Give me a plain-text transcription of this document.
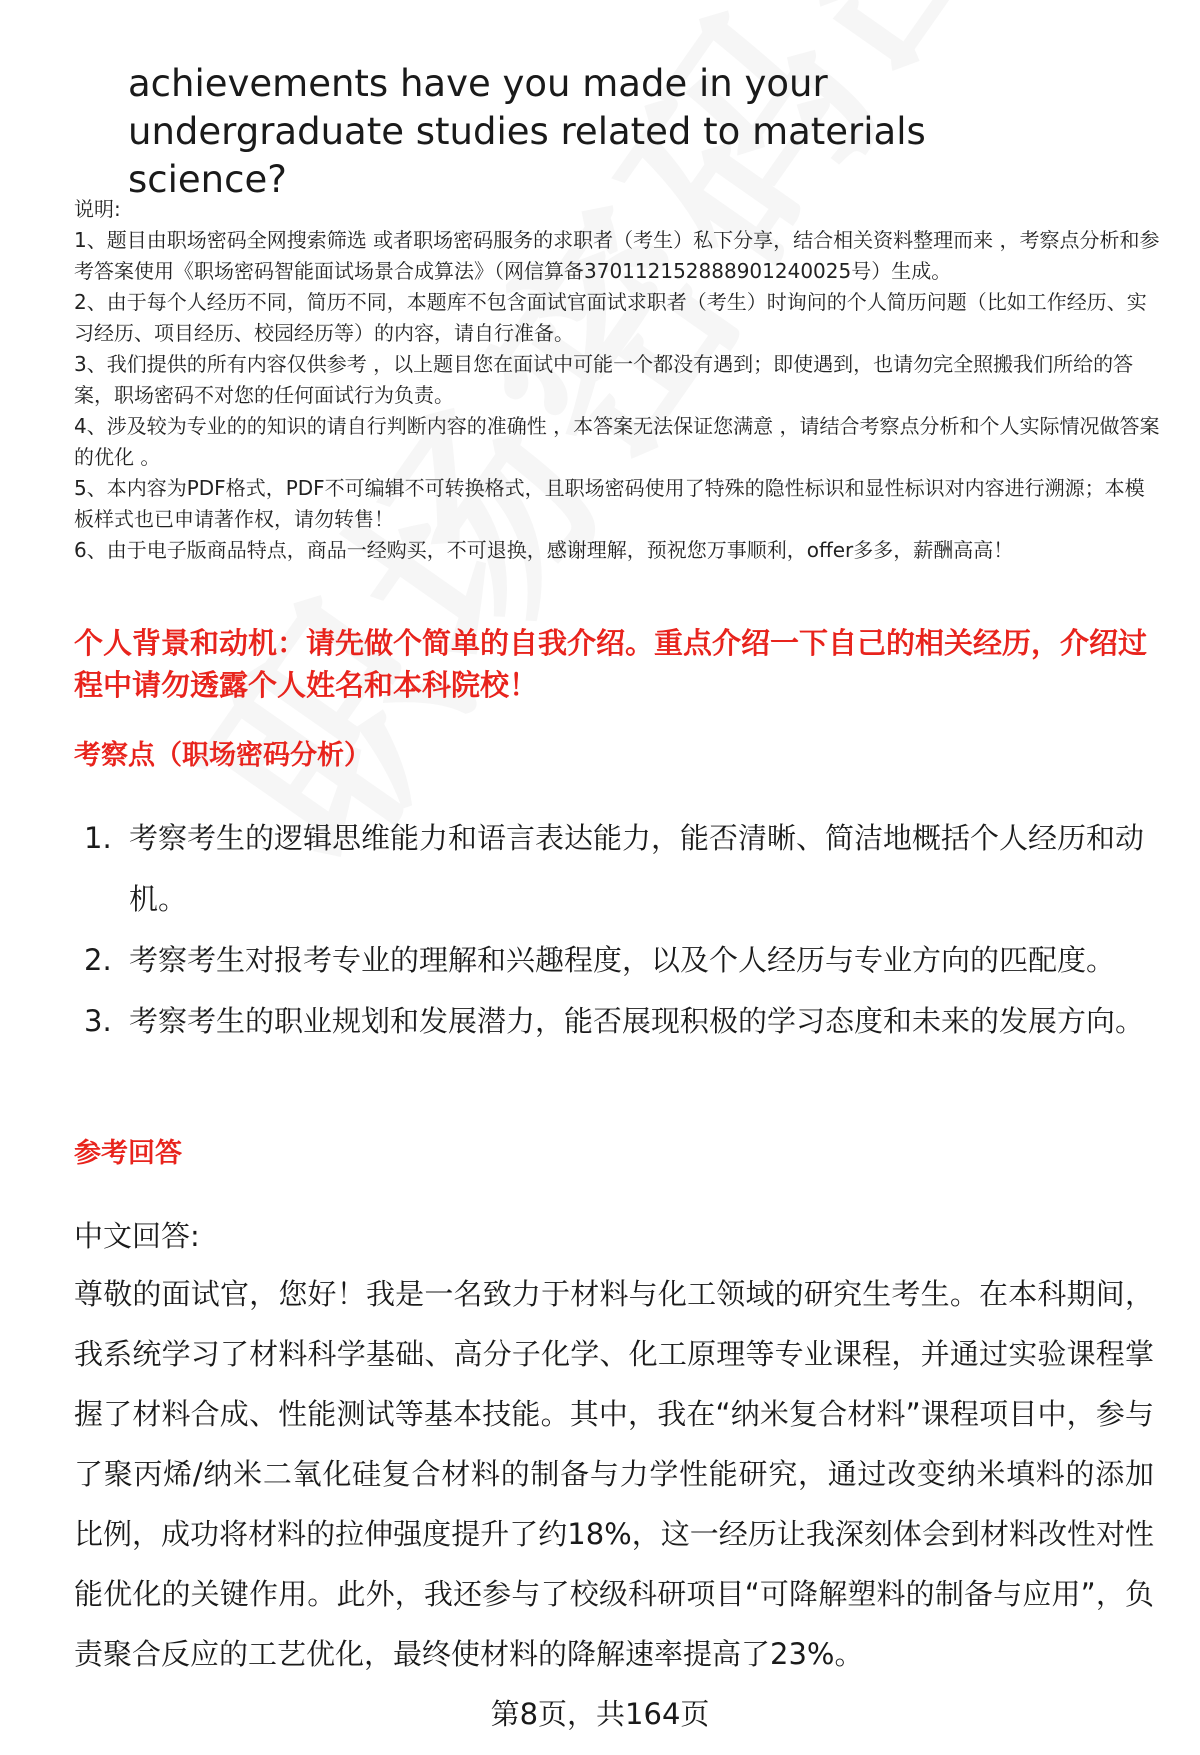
achievements have you made in your undergraduate studies related to materials science?

说明:

1、题目由职场密码全网搜索筛选 或者职场密码服务的求职者（考生）私下分享，结合相关资料整理而来 ，考察点分析和参考答案使用《职场密码智能面试场景合成算法》（网信算备370112152888901240025号）生成。

2、由于每个人经历不同，简历不同，本题库不包含面试官面试求职者（考生）时询问的个人简历问题（比如工作经历、实习经历、项目经历、校园经历等）的内容，请自行准备。

3、我们提供的所有内容仅供参考 ，以上题目您在面试中可能一个都没有遇到；即使遇到，也请勿完全照搬我们所给的答案，职场密码不对您的任何面试行为负责。

4、涉及较为专业的的知识的请自行判断内容的准确性 ，本答案无法保证您满意 ，请结合考察点分析和个人实际情况做答案的优化 。

5、本内容为PDF格式，PDF不可编辑不可转换格式，且职场密码使用了特殊的隐性标识和显性标识对内容进行溯源；本模板样式也已申请著作权，请勿转售！

6、由于电子版商品特点，商品一经购买，不可退换，感谢理解，预祝您万事顺利，offer多多，薪酬高高！

个人背景和动机：请先做个简单的自我介绍。重点介绍一下自己的相关经历，介绍过程中请勿透露个人姓名和本科院校！
考察点（职场密码分析）
1. 考察考生的逻辑思维能力和语言表达能力，能否清晰、简洁地概括个人经历和动机。
2. 考察考生对报考专业的理解和兴趣程度，以及个人经历与专业方向的匹配度。
3. 考察考生的职业规划和发展潜力，能否展现积极的学习态度和未来的发展方向。
参考回答
中文回答:
尊敬的面试官，您好！我是一名致力于材料与化工领域的研究生考生。在本科期间，我系统学习了材料科学基础、高分子化学、化工原理等专业课程，并通过实验课程掌握了材料合成、性能测试等基本技能。其中，我在“纳米复合材料”课程项目中，参与了聚丙烯/纳米二氧化硅复合材料的制备与力学性能研究，通过改变纳米填料的添加比例，成功将材料的拉伸强度提升了约18%，这一经历让我深刻体会到材料改性对性能优化的关键作用。此外，我还参与了校级科研项目“可降解塑料的制备与应用”，负责聚合反应的工艺优化，最终使材料的降解速率提高了23%。
第8页，共164页
